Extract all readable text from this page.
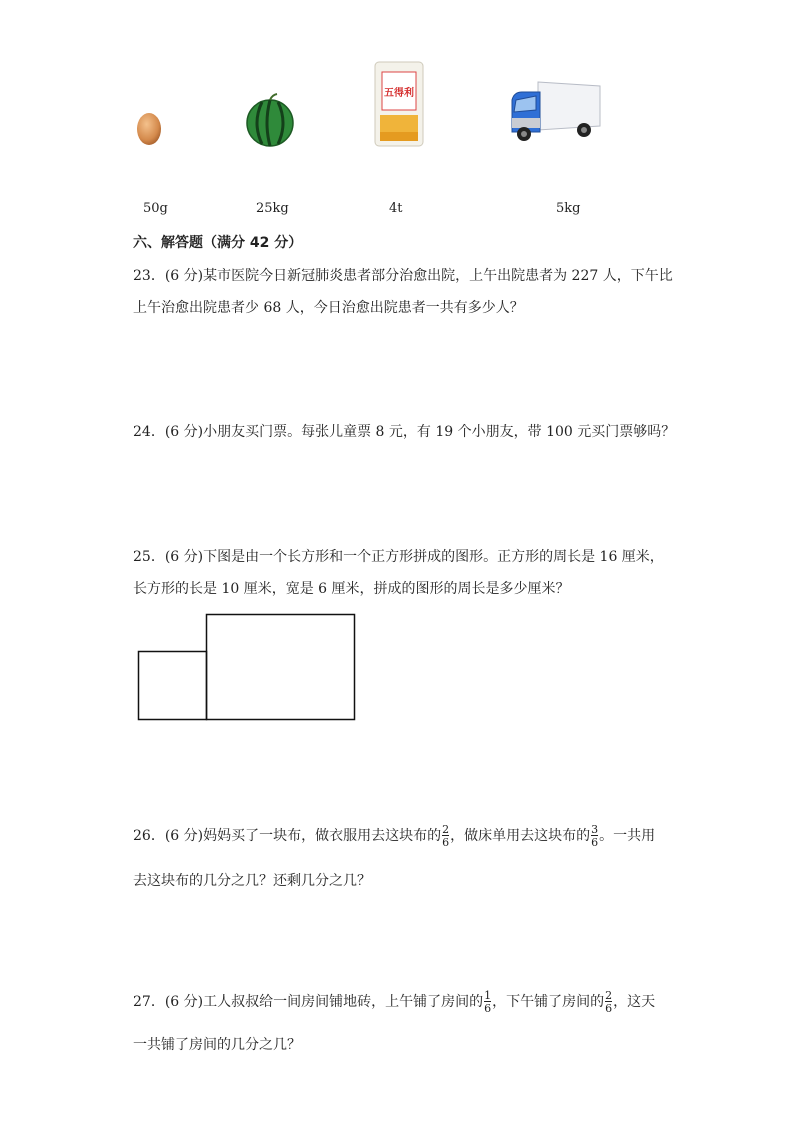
五得利
50g	25kg	4t	5kg
六、解答题（满分 42 分）
23．(6 分)某市医院今日新冠肺炎患者部分治愈出院，上午出院患者为 227 人，下午比
上午治愈出院患者少 68 人，今日治愈出院患者一共有多少人？
24．(6 分)小朋友买门票。每张儿童票 8 元，有 19 个小朋友，带 100 元买门票够吗？
25．(6 分)下图是由一个长方形和一个正方形拼成的图形。正方形的周长是 16 厘米，
长方形的长是 10 厘米，宽是 6 厘米，拼成的图形的周长是多少厘米？
26．(6 分)妈妈买了一块布，做衣服用去这块布的 $\frac{2}{6}$ ，做床单用去这块布的 $\frac{3}{6}$ 。一共用
去这块布的几分之几？还剩几分之几？
27．(6 分)工人叔叔给一间房间铺地砖，上午铺了房间的 $\frac{1}{6}$ ，下午铺了房间的 $\frac{2}{6}$ ，这天
一共铺了房间的几分之几？
